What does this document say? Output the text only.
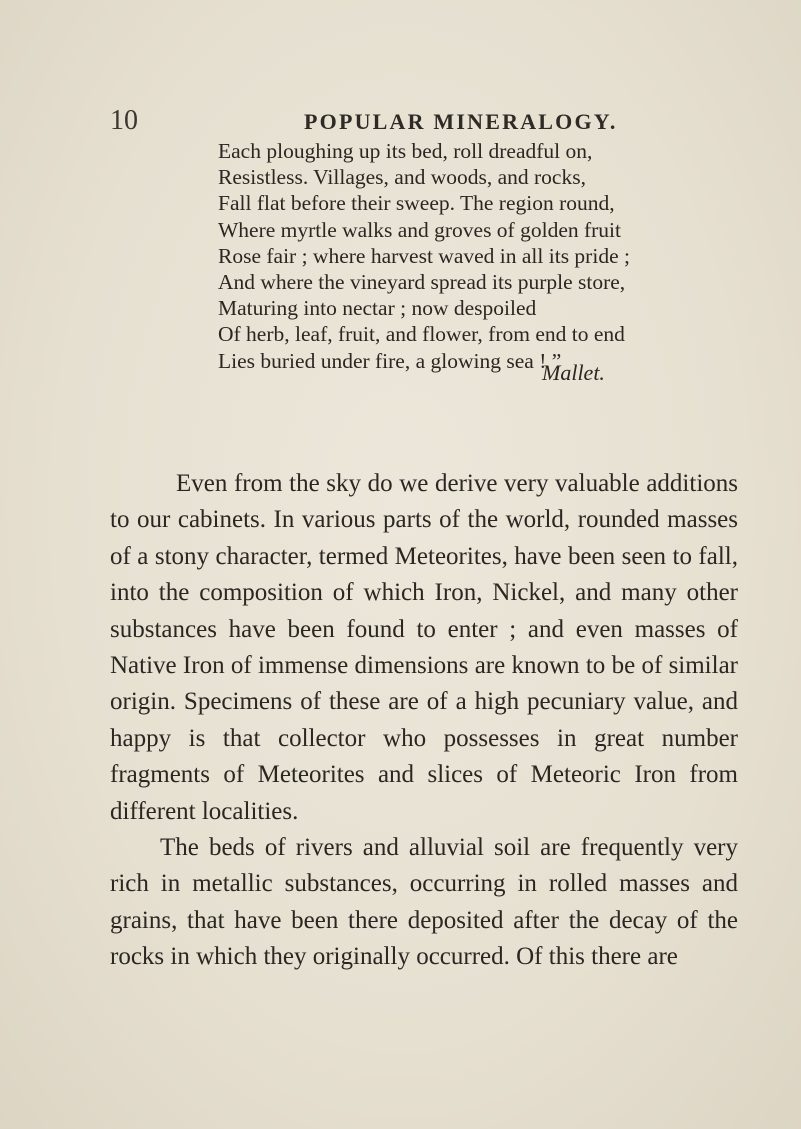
10	POPULAR MINERALOGY.
Each ploughing up its bed, roll dreadful on,
Resistless. Villages, and woods, and rocks,
Fall flat before their sweep. The region round,
Where myrtle walks and groves of golden fruit
Rose fair ; where harvest waved in all its pride ;
And where the vineyard spread its purple store,
Maturing into nectar ; now despoiled
Of herb, leaf, fruit, and flower, from end to end
Lies buried under fire, a glowing sea ! ”
Mallet.

Even from the sky do we derive very valuable additions to our cabinets. In various parts of the world, rounded masses of a stony character, termed Meteorites, have been seen to fall, into the composition of which Iron, Nickel, and many other substances have been found to enter ; and even masses of Native Iron of immense dimensions are known to be of similar origin. Specimens of these are of a high pecuniary value, and happy is that collector who possesses in great number fragments of Meteorites and slices of Meteoric Iron from different localities.

The beds of rivers and alluvial soil are frequently very rich in metallic substances, occurring in rolled masses and grains, that have been there deposited after the decay of the rocks in which they originally occurred. Of this there are
